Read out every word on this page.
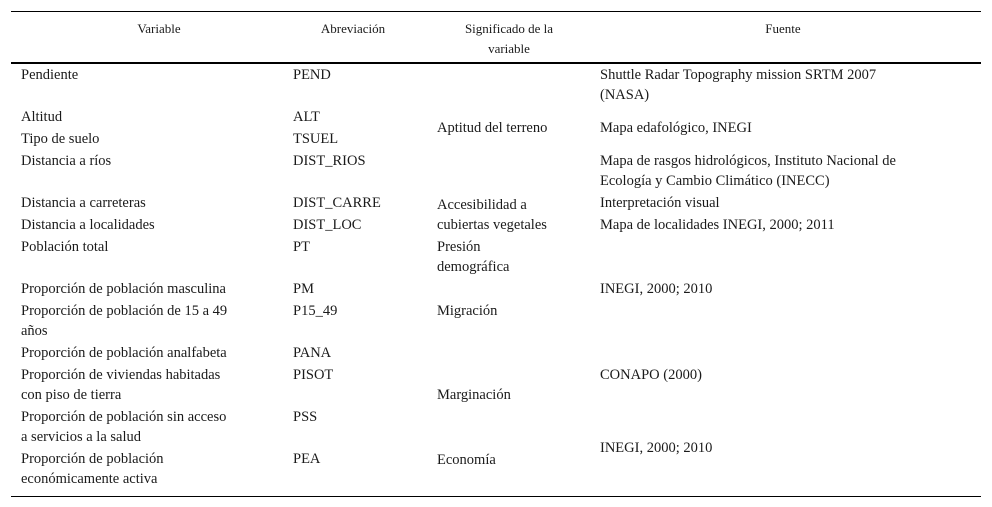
Variable	Abreviación	Significado de la
variable
Fuente
Pendiente
Altitud
Tipo de suelo
Distancia a ríos
Distancia a carreteras
Distancia a localidades
Población total
Proporción de población masculina
Proporción de población de 15 a 49
años
Proporción de población analfabeta
Proporción de viviendas habitadas
con piso de tierra
Proporción de población sin acceso
a servicios a la salud
Proporción de población
económicamente activa
PEND
ALT
TSUEL
DIST_RIOS
DIST_CARRE
DIST_LOC
PT
PM
P15_49
PANA
PISOT
PSS
PEA
Aptitud del terreno
Accesibilidad a
cubiertas vegetales
Presión
demográfica
Migración
Marginación
Economía
Shuttle Radar Topography mission SRTM 2007
(NASA)
Mapa edafológico, INEGI
Mapa de rasgos hidrológicos, Instituto Nacional de
Ecología y Cambio Climático (INECC)
Interpretación visual
Mapa de localidades INEGI, 2000; 2011
INEGI, 2000; 2010
CONAPO (2000)
INEGI, 2000; 2010
